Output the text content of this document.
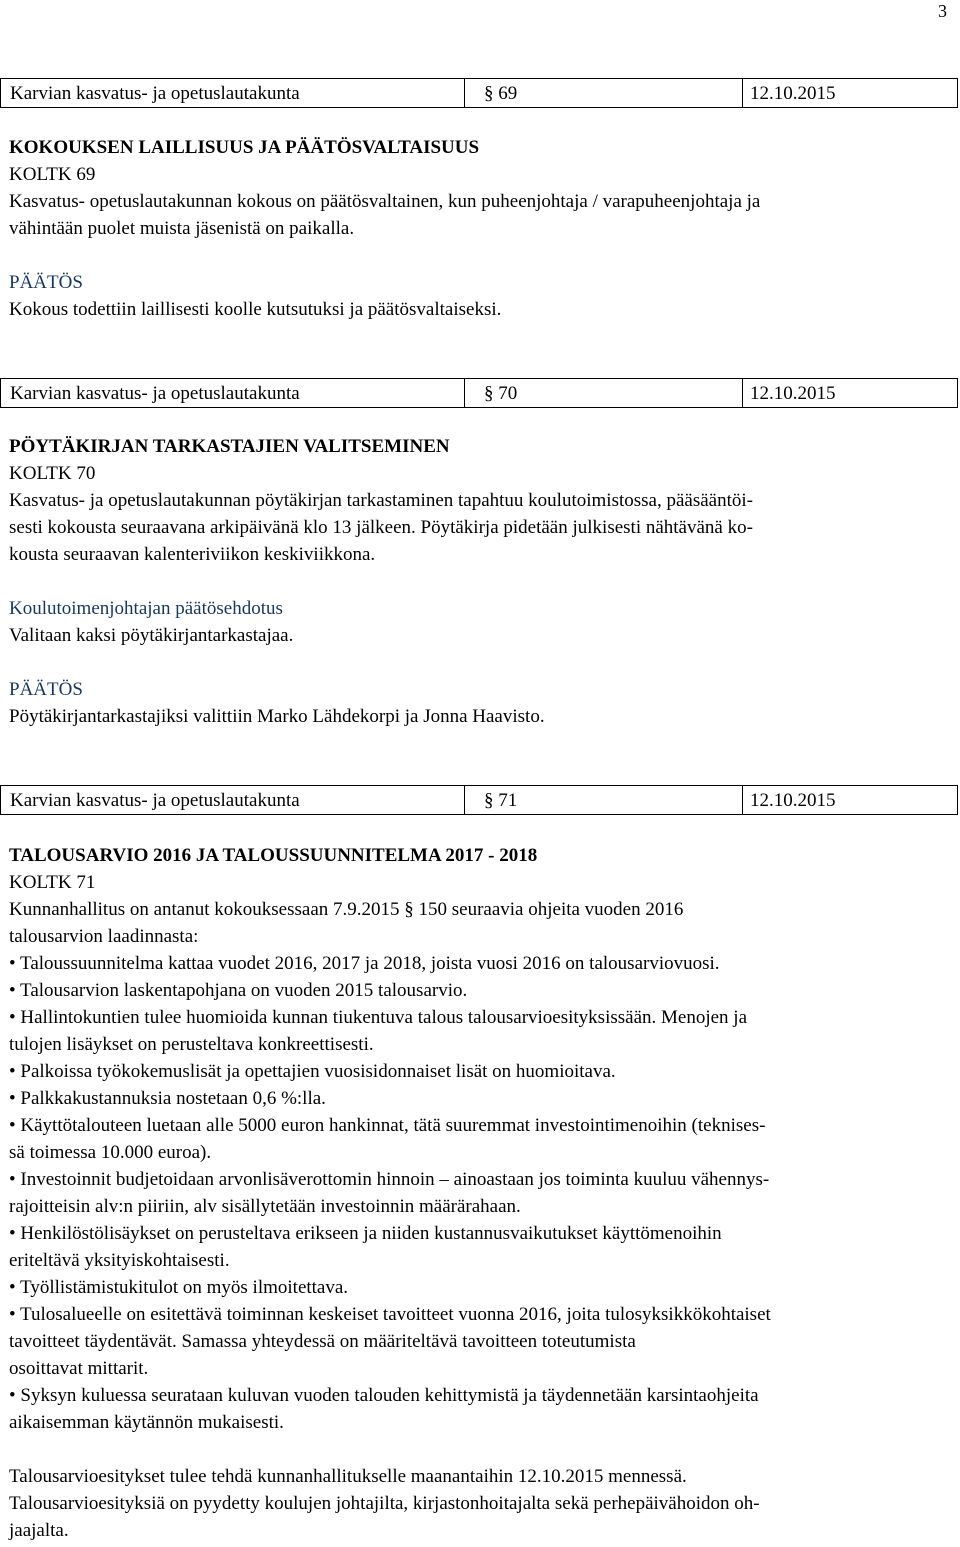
3
Karvian kasvatus- ja opetuslautakunta	§ 69	12.10.2015

KOKOUKSEN LAILLISUUS JA PÄÄTÖSVALTAISUUS

KOLTK 69

Kasvatus- opetuslautakunnan kokous on päätösvaltainen, kun puheenjohtaja / varapuheenjohtaja ja

vähintään puolet muista jäsenistä on paikalla.

PÄÄTÖS

Kokous todettiin laillisesti koolle kutsutuksi ja päätösvaltaiseksi.

Karvian kasvatus- ja opetuslautakunta	§ 70	12.10.2015

PÖYTÄKIRJAN TARKASTAJIEN VALITSEMINEN

KOLTK 70

Kasvatus- ja opetuslautakunnan pöytäkirjan tarkastaminen tapahtuu koulutoimistossa, pääsääntöi-

sesti kokousta seuraavana arkipäivänä klo 13 jälkeen. Pöytäkirja pidetään julkisesti nähtävänä ko-

kousta seuraavan kalenteriviikon keskiviikkona.

Koulutoimenjohtajan päätösehdotus

Valitaan kaksi pöytäkirjantarkastajaa.

PÄÄTÖS

Pöytäkirjantarkastajiksi valittiin Marko Lähdekorpi ja Jonna Haavisto.

Karvian kasvatus- ja opetuslautakunta	§ 71	12.10.2015

TALOUSARVIO 2016 JA TALOUSSUUNNITELMA 2017 - 2018

KOLTK 71

Kunnanhallitus on antanut kokouksessaan 7.9.2015 § 150 seuraavia ohjeita vuoden 2016

talousarvion laadinnasta:

• Taloussuunnitelma kattaa vuodet 2016, 2017 ja 2018, joista vuosi 2016 on talousarviovuosi.

• Talousarvion laskentapohjana on vuoden 2015 talousarvio.

• Hallintokuntien tulee huomioida kunnan tiukentuva talous talousarvioesityksissään. Menojen ja

tulojen lisäykset on perusteltava konkreettisesti.

• Palkoissa työkokemuslisät ja opettajien vuosisidonnaiset lisät on huomioitava.

• Palkkakustannuksia nostetaan 0,6 %:lla.

• Käyttötalouteen luetaan alle 5000 euron hankinnat, tätä suuremmat investointimenoihin (teknises-

sä toimessa 10.000 euroa).

• Investoinnit budjetoidaan arvonlisäverottomin hinnoin – ainoastaan jos toiminta kuuluu vähennys-

rajoitteisin alv:n piiriin, alv sisällytetään investoinnin määrärahaan.

• Henkilöstölisäykset on perusteltava erikseen ja niiden kustannusvaikutukset käyttömenoihin

eriteltävä yksityiskohtaisesti.

• Työllistämistukitulot on myös ilmoitettava.

• Tulosalueelle on esitettävä toiminnan keskeiset tavoitteet vuonna 2016, joita tulosyksikkökohtaiset

tavoitteet täydentävät. Samassa yhteydessä on määriteltävä tavoitteen toteutumista

osoittavat mittarit.

• Syksyn kuluessa seurataan kuluvan vuoden talouden kehittymistä ja täydennetään karsintaohjeita

aikaisemman käytännön mukaisesti.

Talousarvioesitykset tulee tehdä kunnanhallitukselle maanantaihin 12.10.2015 mennessä.

Talousarvioesityksiä on pyydetty koulujen johtajilta, kirjastonhoitajalta sekä perhepäivähoidon oh-

jaajalta.
